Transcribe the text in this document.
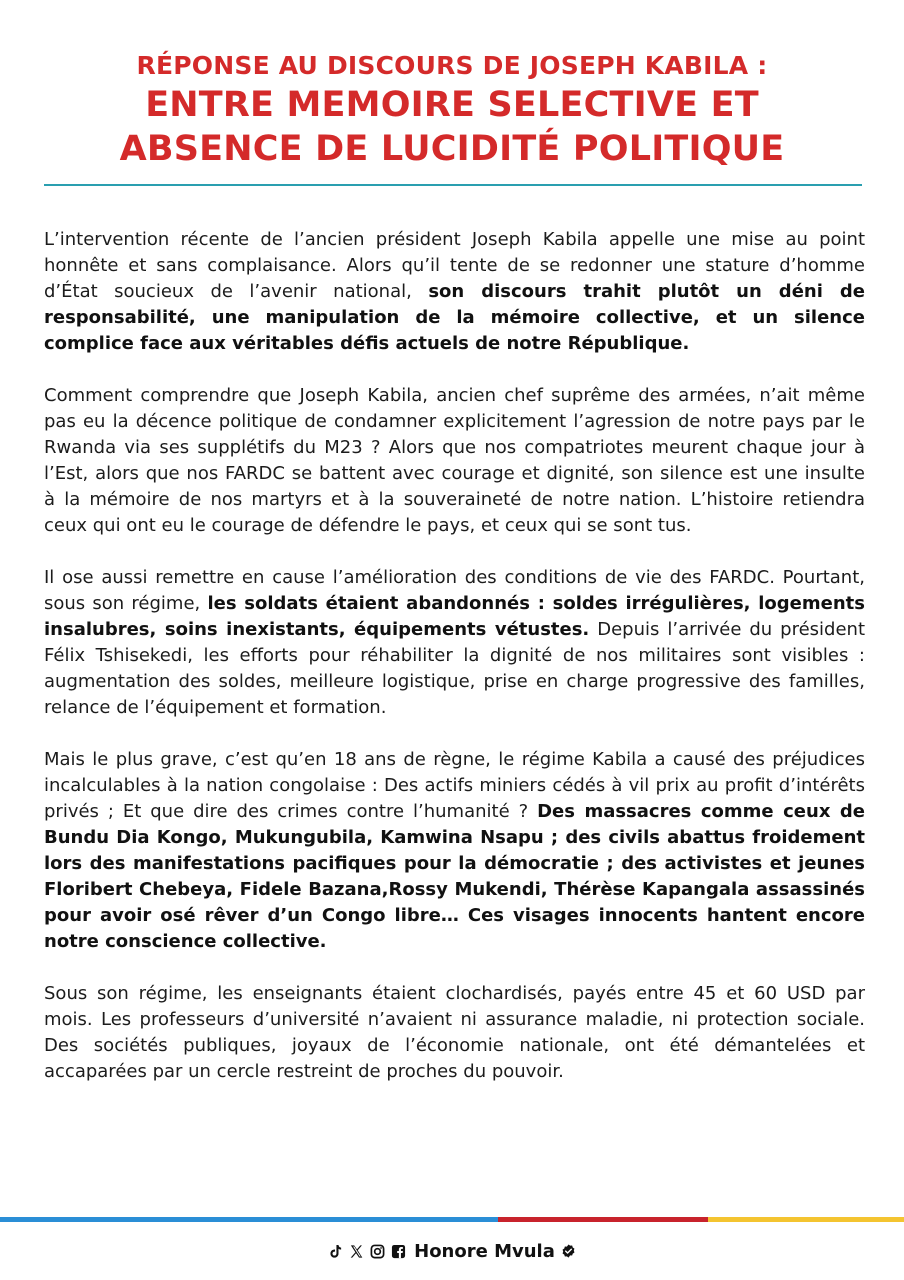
RÉPONSE AU DISCOURS DE JOSEPH KABILA :
ENTRE MEMOIRE SELECTIVE ET
ABSENCE DE LUCIDITÉ POLITIQUE

L’intervention récente de l’ancien président Joseph Kabila appelle une mise au point honnête et sans complaisance. Alors qu’il tente de se redonner une stature d’homme d’État soucieux de l’avenir national, son discours trahit plutôt un déni de responsabilité, une manipulation de la mémoire collective, et un silence complice face aux véritables défis actuels de notre République.

Comment comprendre que Joseph Kabila, ancien chef suprême des armées, n’ait même pas eu la décence politique de condamner explicitement l’agression de notre pays par le Rwanda via ses supplétifs du M23 ? Alors que nos compatriotes meurent chaque jour à l’Est, alors que nos FARDC se battent avec courage et dignité, son silence est une insulte à la mémoire de nos martyrs et à la souveraineté de notre nation. L’histoire retiendra ceux qui ont eu le courage de défendre le pays, et ceux qui se sont tus.

Il ose aussi remettre en cause l’amélioration des conditions de vie des FARDC. Pourtant, sous son régime, les soldats étaient abandonnés : soldes irrégulières, logements insalubres, soins inexistants, équipements vétustes. Depuis l’arrivée du président Félix Tshisekedi, les efforts pour réhabiliter la dignité de nos militaires sont visibles : augmentation des soldes, meilleure logistique, prise en charge progressive des familles, relance de l’équipement et formation.

Mais le plus grave, c’est qu’en 18 ans de règne, le régime Kabila a causé des préjudices incalculables à la nation congolaise : Des actifs miniers cédés à vil prix au profit d’intérêts privés ; Et que dire des crimes contre l’humanité ? Des massacres comme ceux de Bundu Dia Kongo, Mukungubila, Kamwina Nsapu ; des civils abattus froidement lors des manifestations pacifiques pour la démocratie ; des activistes et jeunes Floribert Chebeya, Fidele Bazana,Rossy Mukendi, Thérèse Kapangala assassinés pour avoir osé rêver d’un Congo libre… Ces visages innocents hantent encore notre conscience collective.

Sous son régime, les enseignants étaient clochardisés, payés entre 45 et 60 USD par mois. Les professeurs d’université n’avaient ni assurance maladie, ni protection sociale. Des sociétés publiques, joyaux de l’économie nationale, ont été démantelées et accaparées par un cercle restreint de proches du pouvoir.

Honore Mvula
